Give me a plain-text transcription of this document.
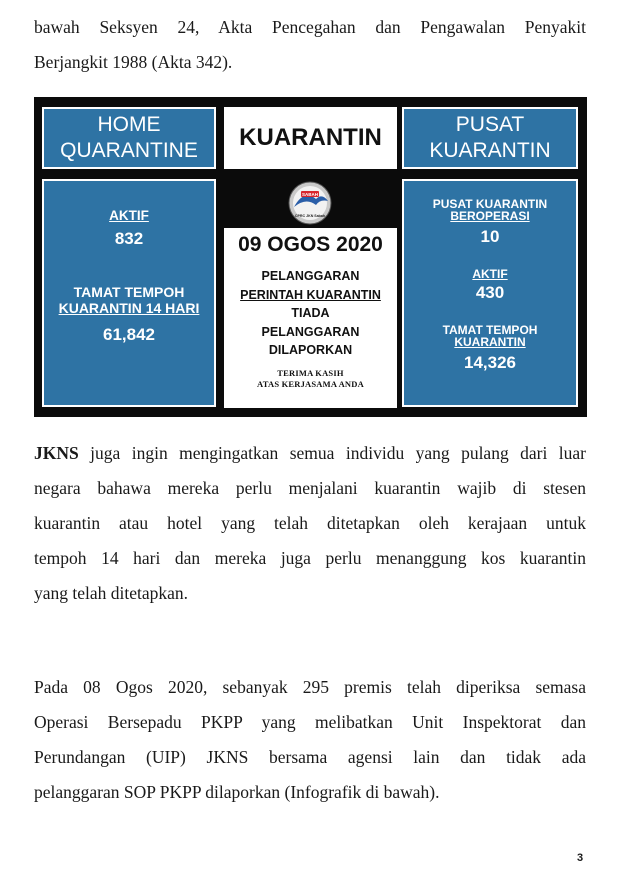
bawah Seksyen 24, Akta Pencegahan dan Pengawalan Penyakit
Berjangkit 1988 (Akta 342).

HOME
QUARANTINE KUARANTIN	PUSAT
KUARANTIN
AKTIF
832
TAMAT TEMPOH
KUARANTIN 14 HARI
61,842
SABAH
CPRC JKN Sabah
09 OGOS 2020
PELANGGARAN
PERINTAH KUARANTIN
TIADA
PELANGGARAN
DILAPORKAN
TERIMA KASIH
ATAS KERJASAMA ANDA
PUSAT KUARANTIN
BEROPERASI
10
AKTIF
430
TAMAT TEMPOH
KUARANTIN
14,326

JKNS juga ingin mengingatkan semua individu yang pulang dari luar
negara bahawa mereka perlu menjalani kuarantin wajib di stesen
kuarantin atau hotel yang telah ditetapkan oleh kerajaan untuk
tempoh 14 hari dan mereka juga perlu menanggung kos kuarantin
yang telah ditetapkan.

Pada 08 Ogos 2020, sebanyak 295 premis telah diperiksa semasa
Operasi Bersepadu PKPP yang melibatkan Unit Inspektorat dan
Perundangan (UIP) JKNS bersama agensi lain dan tidak ada
pelanggaran SOP PKPP dilaporkan (Infografik di bawah).

3
